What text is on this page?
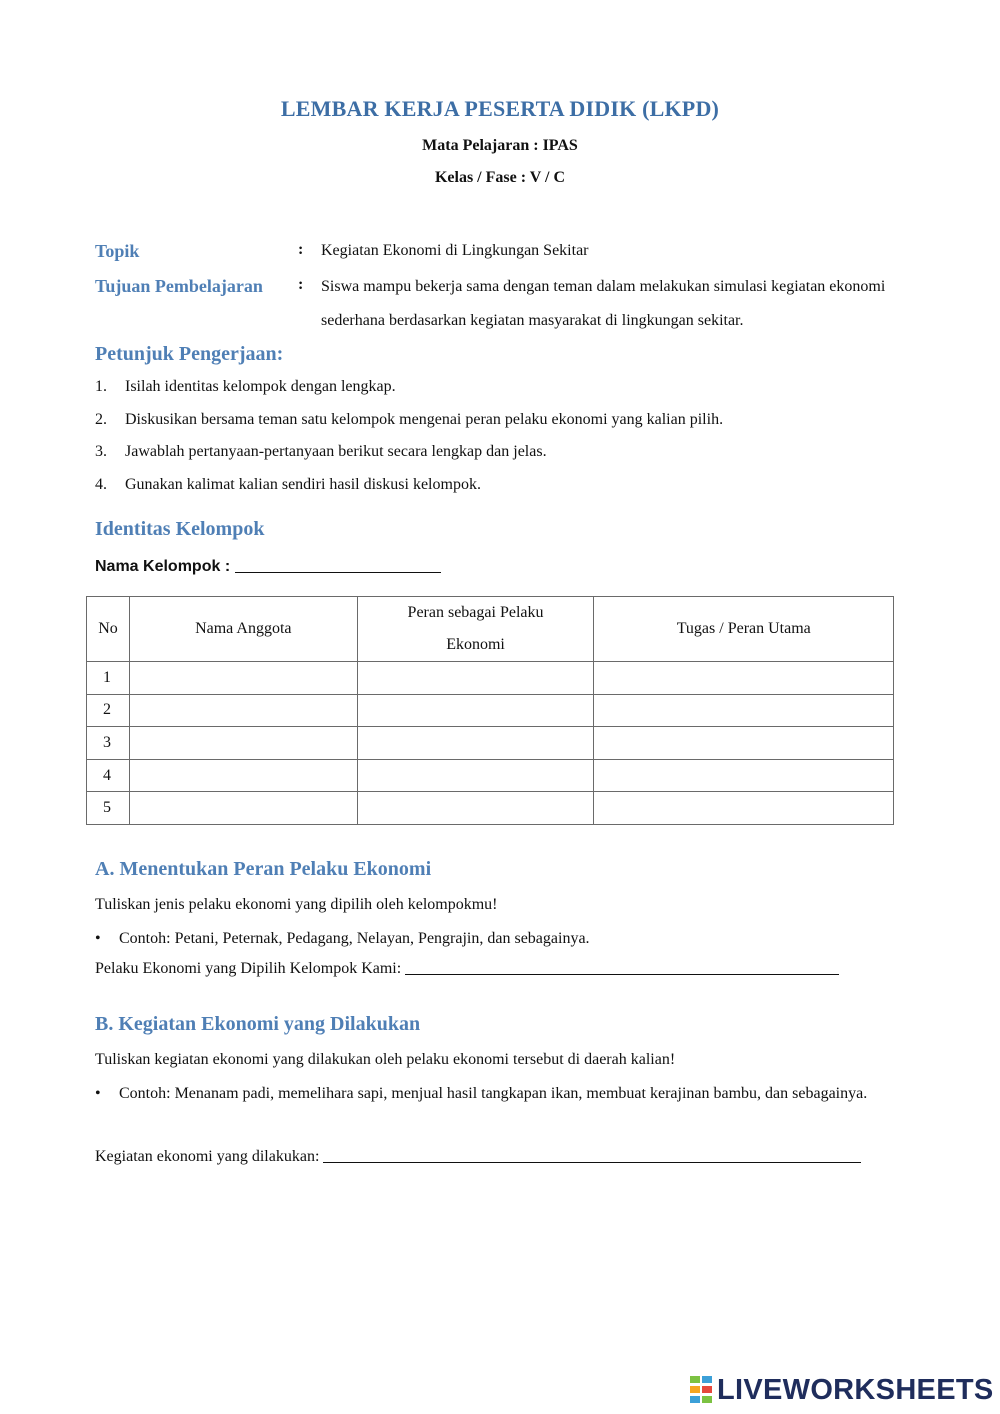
LEMBAR KERJA PESERTA DIDIK (LKPD)
Mata Pelajaran : IPAS
Kelas / Fase : V / C
Topik	: Kegiatan Ekonomi di Lingkungan Sekitar
Tujuan Pembelajaran : Siswa mampu bekerja sama dengan teman dalam melakukan simulasi kegiatan ekonomi sederhana berdasarkan kegiatan masyarakat di lingkungan sekitar.
Petunjuk Pengerjaan:
1. Isilah identitas kelompok dengan lengkap.
2. Diskusikan bersama teman satu kelompok mengenai peran pelaku ekonomi yang kalian pilih.
3. Jawablah pertanyaan-pertanyaan berikut secara lengkap dan jelas.
4. Gunakan kalimat kalian sendiri hasil diskusi kelompok.
Identitas Kelompok
Nama Kelompok :
No	Nama Anggota	Peran sebagai Pelaku Ekonomi	Tugas / Peran Utama
1			
2			
3			
4			
5			
A. Menentukan Peran Pelaku Ekonomi
Tuliskan jenis pelaku ekonomi yang dipilih oleh kelompokmu!
• Contoh: Petani, Peternak, Pedagang, Nelayan, Pengrajin, dan sebagainya.
Pelaku Ekonomi yang Dipilih Kelompok Kami:
B. Kegiatan Ekonomi yang Dilakukan
Tuliskan kegiatan ekonomi yang dilakukan oleh pelaku ekonomi tersebut di daerah kalian!
• Contoh: Menanam padi, memelihara sapi, menjual hasil tangkapan ikan, membuat kerajinan bambu, dan sebagainya.
Kegiatan ekonomi yang dilakukan:
LIVEWORKSHEETS
